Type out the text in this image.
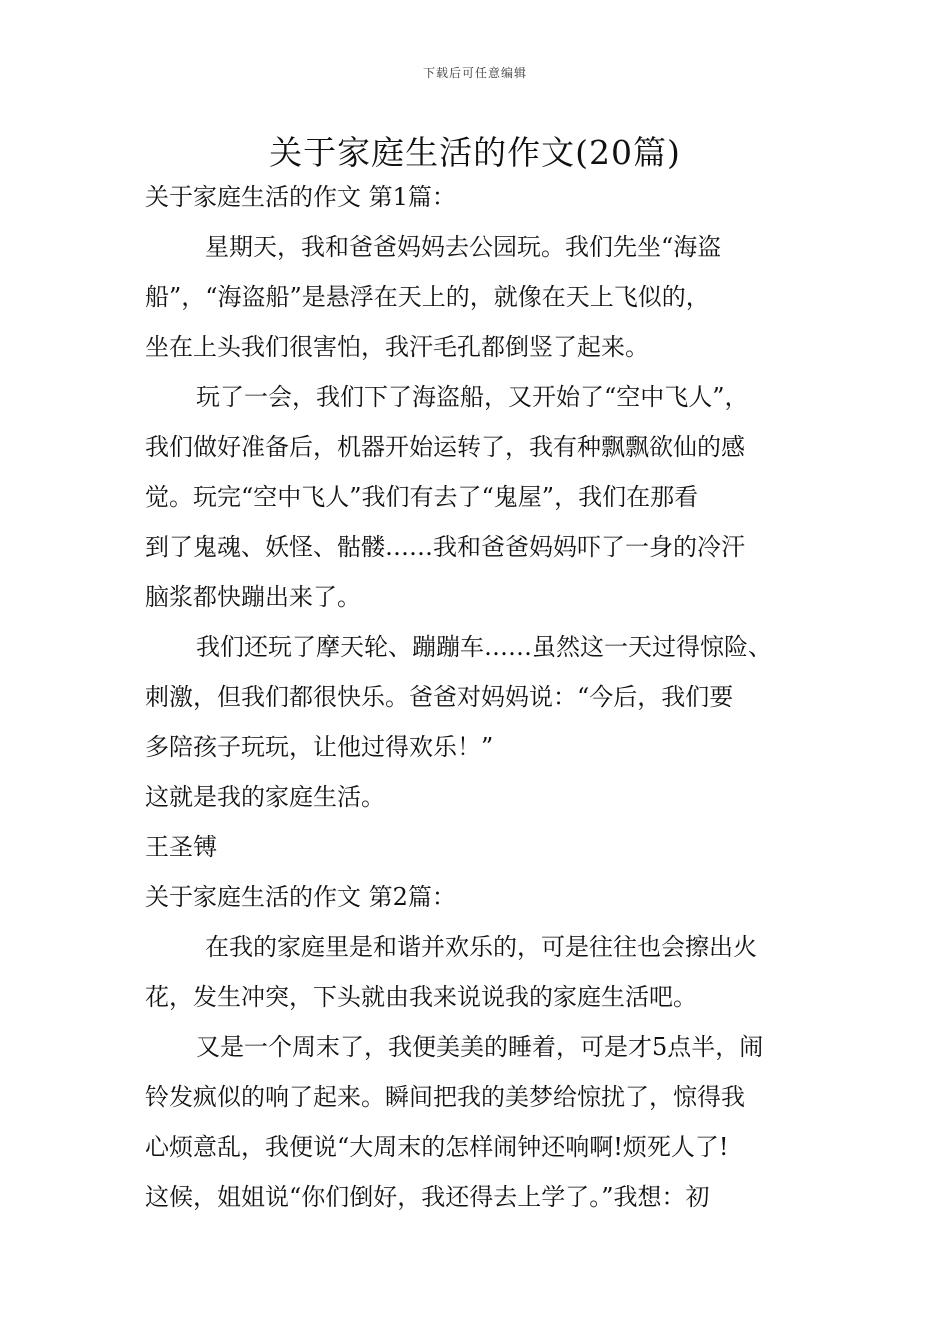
下载后可任意编辑
关于家庭生活的作文(20篇)

关于家庭生活的作文 第1篇：

星期天，我和爸爸妈妈去公园玩。我们先坐“海盗
船”，“海盗船”是悬浮在天上的，就像在天上飞似的，
坐在上头我们很害怕，我汗毛孔都倒竖了起来。

玩了一会，我们下了海盗船，又开始了“空中飞人”，
我们做好准备后，机器开始运转了，我有种飘飘欲仙的感
觉。玩完“空中飞人”我们有去了“鬼屋”，我们在那看
到了鬼魂、妖怪、骷髅……我和爸爸妈妈吓了一身的冷汗
脑浆都快蹦出来了。

我们还玩了摩天轮、蹦蹦车……虽然这一天过得惊险、
刺激，但我们都很快乐。爸爸对妈妈说：“今后，我们要
多陪孩子玩玩，让他过得欢乐！”

这就是我的家庭生活。

王圣镈

关于家庭生活的作文 第2篇：

在我的家庭里是和谐并欢乐的，可是往往也会擦出火
花，发生冲突，下头就由我来说说我的家庭生活吧。

又是一个周末了，我便美美的睡着，可是才5点半，闹
铃发疯似的响了起来。瞬间把我的美梦给惊扰了，惊得我
心烦意乱，我便说“大周末的怎样闹钟还响啊!烦死人了!
这候，姐姐说“你们倒好，我还得去上学了。”我想：初
